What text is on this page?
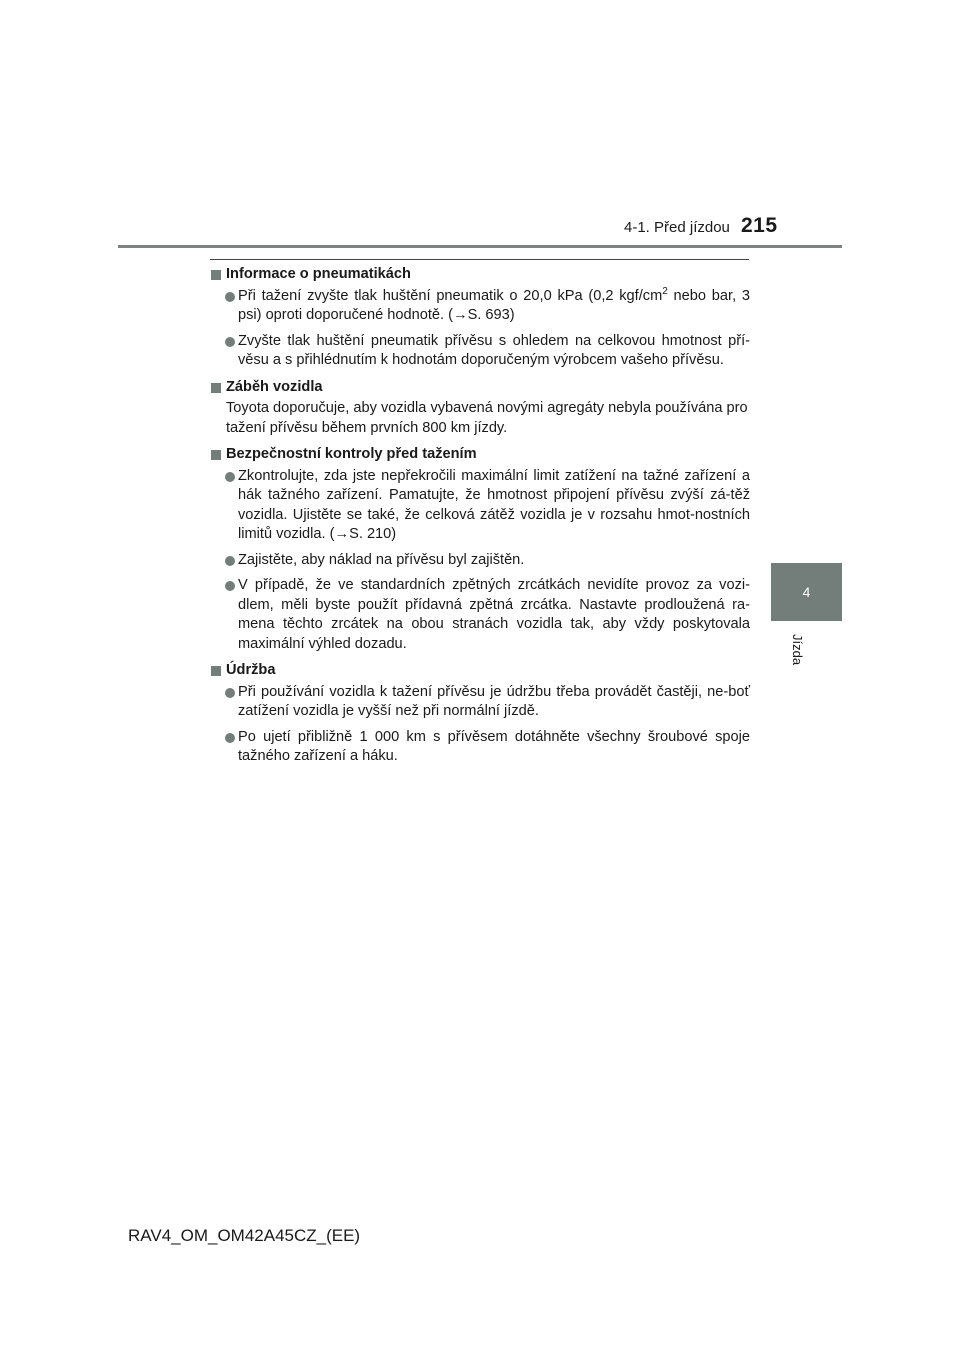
4-1. Před jízdou 215
4
Jízda
Informace o pneumatikách
Při tažení zvyšte tlak huštění pneumatik o 20,0 kPa (0,2 kgf/$cm^2$ nebo bar, 3 psi) oproti doporučené hodnotě. (→S. 693)
Zvyšte tlak huštění pneumatik přívěsu s ohledem na celkovou hmotnost pří-věsu a s přihlédnutím k hodnotám doporučeným výrobcem vašeho přívěsu.
Záběh vozidla
Toyota doporučuje, aby vozidla vybavená novými agregáty nebyla používána pro tažení přívěsu během prvních 800 km jízdy.
Bezpečnostní kontroly před tažením
Zkontrolujte, zda jste nepřekročili maximální limit zatížení na tažné zařízení a hák tažného zařízení. Pamatujte, že hmotnost připojení přívěsu zvýší zá-těž vozidla. Ujistěte se také, že celková zátěž vozidla je v rozsahu hmot-nostních limitů vozidla. (→S. 210)
Zajistěte, aby náklad na přívěsu byl zajištěn.
V případě, že ve standardních zpětných zrcátkách nevidíte provoz za vozi-dlem, měli byste použít přídavná zpětná zrcátka. Nastavte prodloužená ra-mena těchto zrcátek na obou stranách vozidla tak, aby vždy poskytovala maximální výhled dozadu.
Údržba
Při používání vozidla k tažení přívěsu je údržbu třeba provádět častěji, ne-boť zatížení vozidla je vyšší než při normální jízdě.
Po ujetí přibližně 1 000 km s přívěsem dotáhněte všechny šroubové spoje tažného zařízení a háku.
RAV4_OM_OM42A45CZ_(EE)
